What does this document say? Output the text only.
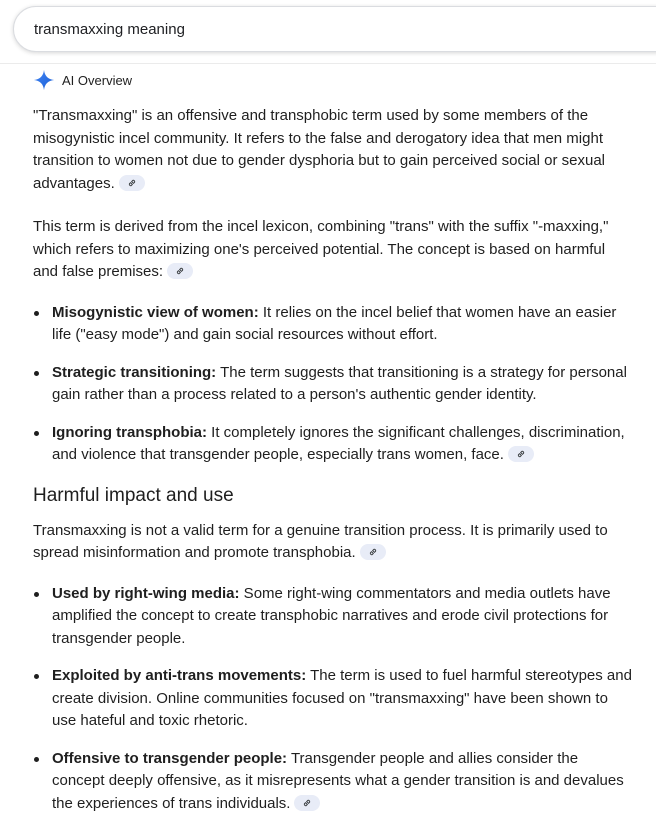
transmaxxing meaning
AI Overview

"Transmaxxing" is an offensive and transphobic term used by some members of the misogynistic incel community. It refers to the false and derogatory idea that men might transition to women not due to gender dysphoria but to gain perceived social or sexual advantages.

This term is derived from the incel lexicon, combining "trans" with the suffix "-maxxing," which refers to maximizing one's perceived potential. The concept is based on harmful and false premises:

Misogynistic view of women: It relies on the incel belief that women have an easier life ("easy mode") and gain social resources without effort.
Strategic transitioning: The term suggests that transitioning is a strategy for personal gain rather than a process related to a person's authentic gender identity.
Ignoring transphobia: It completely ignores the significant challenges, discrimination, and violence that transgender people, especially trans women, face.
Harmful impact and use

Transmaxxing is not a valid term for a genuine transition process. It is primarily used to spread misinformation and promote transphobia.

Used by right-wing media: Some right-wing commentators and media outlets have amplified the concept to create transphobic narratives and erode civil protections for transgender people.
Exploited by anti-trans movements: The term is used to fuel harmful stereotypes and create division. Online communities focused on "transmaxxing" have been shown to use hateful and toxic rhetoric.
Offensive to transgender people: Transgender people and allies consider the concept deeply offensive, as it misrepresents what a gender transition is and devalues the experiences of trans individuals.
